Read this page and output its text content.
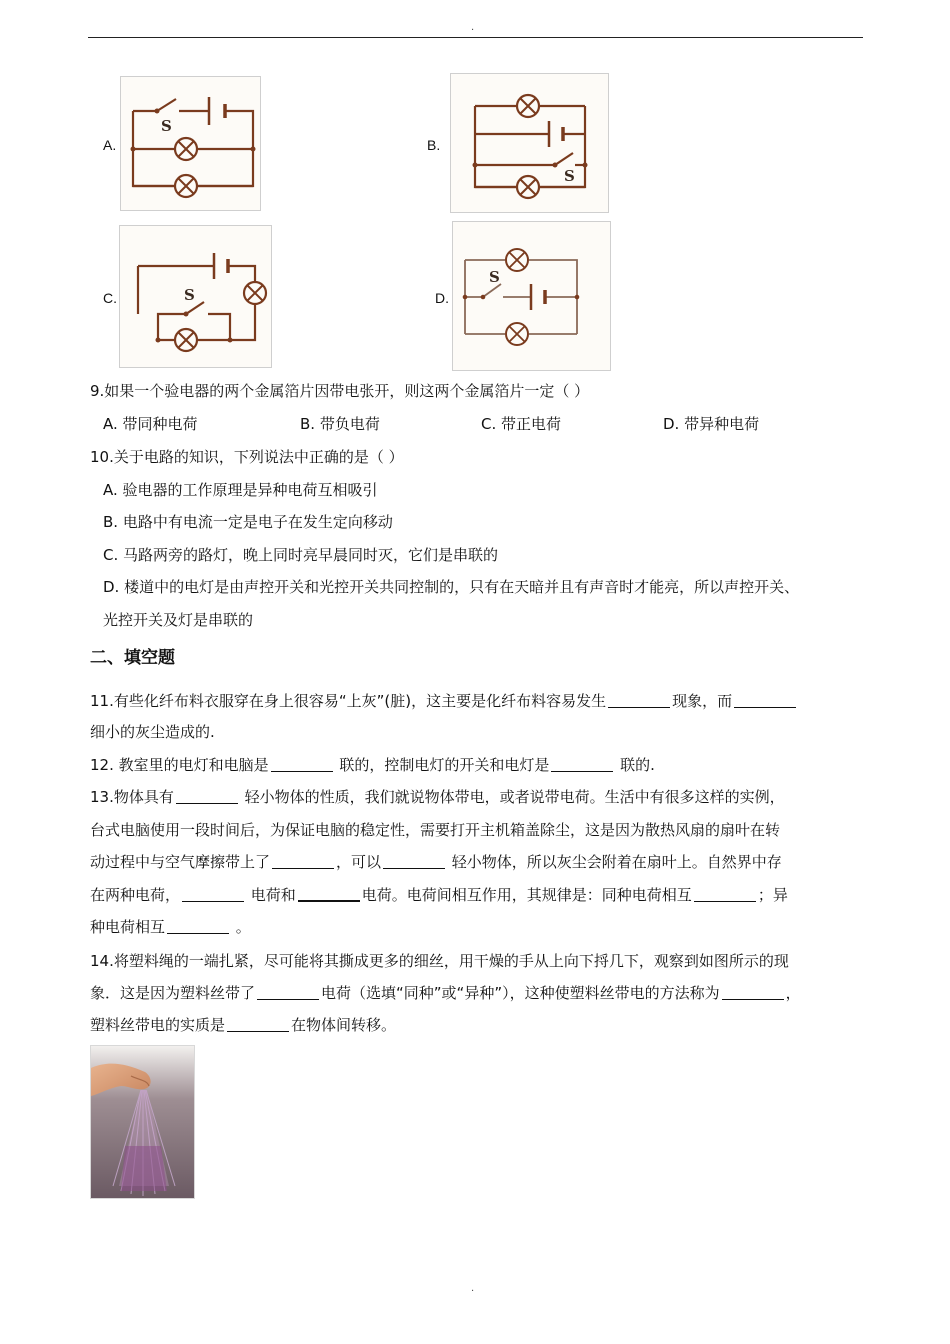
.
A.
S
B.
S
C.	S	D.
S
9.如果一个验电器的两个金属箔片因带电张开，则这两个金属箔片一定（ ）
A. 带同种电荷	B. 带负电荷	C. 带正电荷	D. 带异种电荷
10.关于电路的知识，下列说法中正确的是（ ）
A. 验电器的工作原理是异种电荷互相吸引
B. 电路中有电流一定是电子在发生定向移动
C. 马路两旁的路灯，晚上同时亮早晨同时灭，它们是串联的
D. 楼道中的电灯是由声控开关和光控开关共同控制的，只有在天暗并且有声音时才能亮，所以声控开关、
光控开关及灯是串联的
二、填空题
11.有些化纤布料衣服穿在身上很容易“上灰”(脏)，这主要是化纤布料容易发生	现象，而
细小的灰尘造成的.
12. 教室里的电灯和电脑是	联的，控制电灯的开关和电灯是	联的.
13.物体具有	轻小物体的性质，我们就说物体带电，或者说带电荷。生活中有很多这样的实例，
台式电脑使用一段时间后，为保证电脑的稳定性，需要打开主机箱盖除尘，这是因为散热风扇的扇叶在转
动过程中与空气摩擦带上了	，可以	轻小物体，所以灰尘会附着在扇叶上。自然界中存
在两种电荷，	电荷和	电荷。电荷间相互作用，其规律是：同种电荷相互	；异
种电荷相互	。
14.将塑料绳的一端扎紧，尽可能将其撕成更多的细丝，用干燥的手从上向下捋几下，观察到如图所示的现
象．这是因为塑料丝带了	电荷（选填“同种”或“异种”），这种使塑料丝带电的方法称为	，
塑料丝带电的实质是	在物体间转移。
.
